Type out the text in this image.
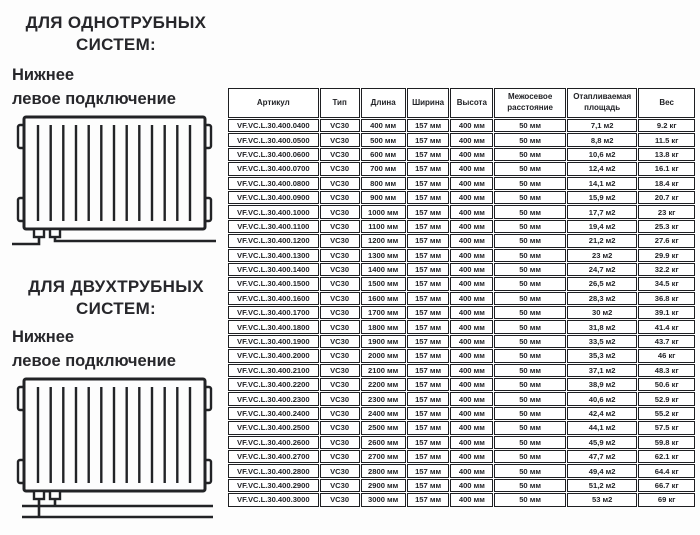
ДЛЯ ОДНОТРУБНЫХ
СИСТЕМ:
Нижнее
левое подключение
ДЛЯ ДВУХТРУБНЫХ
СИСТЕМ:
Нижнее
левое подключение
Артикул	Тип	Длина	Ширина	Высота	Межосевое расстояние	Отапливаемая площадь	Вес
VF.VC.L.30.400.0400	VC30	400 мм	157 мм	400 мм	50 мм	7,1 м2	9.2 кг
VF.VC.L.30.400.0500	VC30	500 мм	157 мм	400 мм	50 мм	8,8 м2	11.5 кг
VF.VC.L.30.400.0600	VC30	600 мм	157 мм	400 мм	50 мм	10,6 м2	13.8 кг
VF.VC.L.30.400.0700	VC30	700 мм	157 мм	400 мм	50 мм	12,4 м2	16.1 кг
VF.VC.L.30.400.0800	VC30	800 мм	157 мм	400 мм	50 мм	14,1 м2	18.4 кг
VF.VC.L.30.400.0900	VC30	900 мм	157 мм	400 мм	50 мм	15,9 м2	20.7 кг
VF.VC.L.30.400.1000	VC30	1000 мм	157 мм	400 мм	50 мм	17,7 м2	23 кг
VF.VC.L.30.400.1100	VC30	1100 мм	157 мм	400 мм	50 мм	19,4 м2	25.3 кг
VF.VC.L.30.400.1200	VC30	1200 мм	157 мм	400 мм	50 мм	21,2 м2	27.6 кг
VF.VC.L.30.400.1300	VC30	1300 мм	157 мм	400 мм	50 мм	23 м2	29.9 кг
VF.VC.L.30.400.1400	VC30	1400 мм	157 мм	400 мм	50 мм	24,7 м2	32.2 кг
VF.VC.L.30.400.1500	VC30	1500 мм	157 мм	400 мм	50 мм	26,5 м2	34.5 кг
VF.VC.L.30.400.1600	VC30	1600 мм	157 мм	400 мм	50 мм	28,3 м2	36.8 кг
VF.VC.L.30.400.1700	VC30	1700 мм	157 мм	400 мм	50 мм	30 м2	39.1 кг
VF.VC.L.30.400.1800	VC30	1800 мм	157 мм	400 мм	50 мм	31,8 м2	41.4 кг
VF.VC.L.30.400.1900	VC30	1900 мм	157 мм	400 мм	50 мм	33,5 м2	43.7 кг
VF.VC.L.30.400.2000	VC30	2000 мм	157 мм	400 мм	50 мм	35,3 м2	46 кг
VF.VC.L.30.400.2100	VC30	2100 мм	157 мм	400 мм	50 мм	37,1 м2	48.3 кг
VF.VC.L.30.400.2200	VC30	2200 мм	157 мм	400 мм	50 мм	38,9 м2	50.6 кг
VF.VC.L.30.400.2300	VC30	2300 мм	157 мм	400 мм	50 мм	40,6 м2	52.9 кг
VF.VC.L.30.400.2400	VC30	2400 мм	157 мм	400 мм	50 мм	42,4 м2	55.2 кг
VF.VC.L.30.400.2500	VC30	2500 мм	157 мм	400 мм	50 мм	44,1 м2	57.5 кг
VF.VC.L.30.400.2600	VC30	2600 мм	157 мм	400 мм	50 мм	45,9 м2	59.8 кг
VF.VC.L.30.400.2700	VC30	2700 мм	157 мм	400 мм	50 мм	47,7 м2	62.1 кг
VF.VC.L.30.400.2800	VC30	2800 мм	157 мм	400 мм	50 мм	49,4 м2	64.4 кг
VF.VC.L.30.400.2900	VC30	2900 мм	157 мм	400 мм	50 мм	51,2 м2	66.7 кг
VF.VC.L.30.400.3000	VC30	3000 мм	157 мм	400 мм	50 мм	53 м2	69 кг
